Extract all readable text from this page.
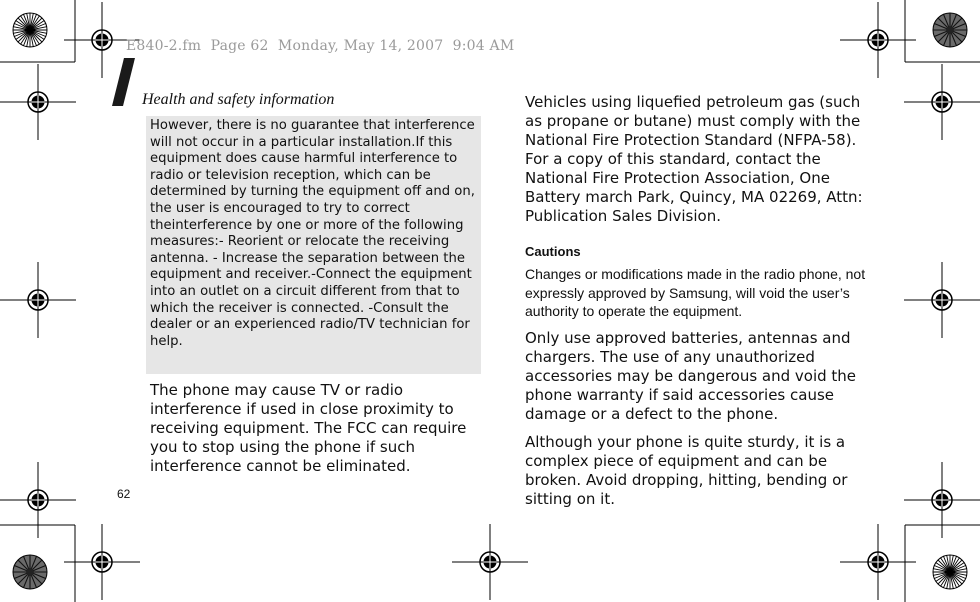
E840-2.fm  Page 62  Monday, May 14, 2007  9:04 AM
Health and safety information
However, there is no guarantee that interference will not occur in a particular installation.If this equipment does cause harmful interference to radio or television reception, which can be determined by turning the equipment off and on, the user is encouraged to try to correct theinterference by one or more of the following measures:- Reorient or relocate the receiving antenna. - Increase the separation between the equipment and receiver.-Connect the equipment into an outlet on a circuit different from that to which the receiver is connected. -Consult the dealer or an experienced radio/TV technician for help.
The phone may cause TV or radio interference if used in close proximity to receiving equipment. The FCC can require you to stop using the phone if such interference cannot be eliminated.
62

Vehicles using liquefied petroleum gas (such as propane or butane) must comply with the National Fire Protection Standard (NFPA-58). For a copy of this standard, contact the National Fire Protection Association, One Battery march Park, Quincy, MA 02269, Attn: Publication Sales Division.

Cautions

Changes or modifications made in the radio phone, not expressly approved by Samsung, will void the user’s authority to operate the equipment.

Only use approved batteries, antennas and chargers. The use of any unauthorized accessories may be dangerous and void the phone warranty if said accessories cause damage or a defect to the phone.

Although your phone is quite sturdy, it is a complex piece of equipment and can be broken. Avoid dropping, hitting, bending or sitting on it.
